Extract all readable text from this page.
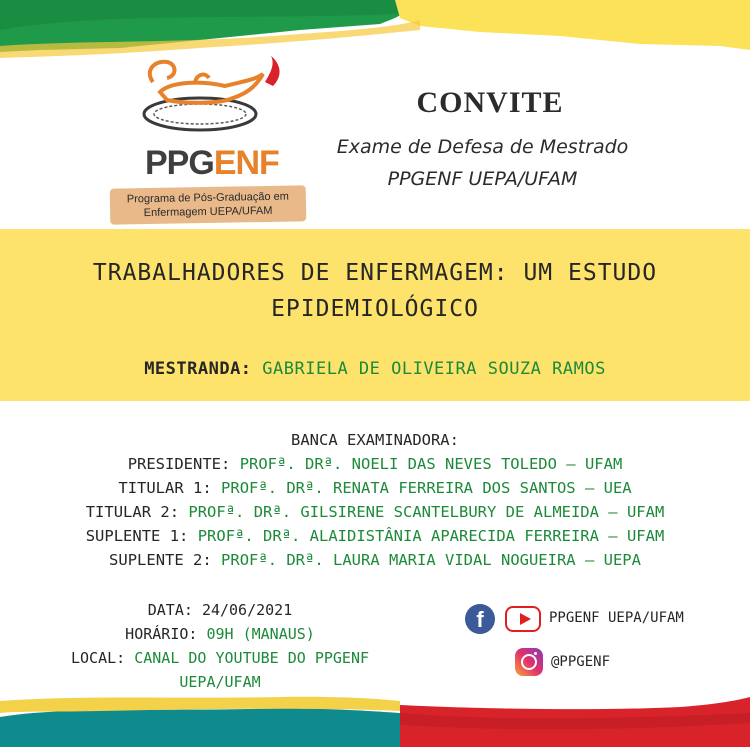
PPGENF
Programa de Pós-Graduação em
Enfermagem UEPA/UFAM
CONVITE
Exame de Defesa de Mestrado
PPGENF UEPA/UFAM
TRABALHADORES DE ENFERMAGEM: UM ESTUDO
EPIDEMIOLÓGICO
MESTRANDA: GABRIELA DE OLIVEIRA SOUZA RAMOS
BANCA EXAMINADORA:
PRESIDENTE: PROFª. DRª. NOELI DAS NEVES TOLEDO – UFAM
TITULAR 1: PROFª. DRª. RENATA FERREIRA DOS SANTOS – UEA
TITULAR 2: PROFª. DRª. GILSIRENE SCANTELBURY DE ALMEIDA – UFAM
SUPLENTE 1: PROFª. DRª. ALAIDISTÂNIA APARECIDA FERREIRA – UFAM
SUPLENTE 2: PROFª. DRª. LAURA MARIA VIDAL NOGUEIRA – UEPA
DATA: 24/06/2021
HORÁRIO: 09H (MANAUS)
LOCAL: CANAL DO YOUTUBE DO PPGENF
UEPA/UFAM
f	PPGENF UEPA/UFAM
@PPGENF
